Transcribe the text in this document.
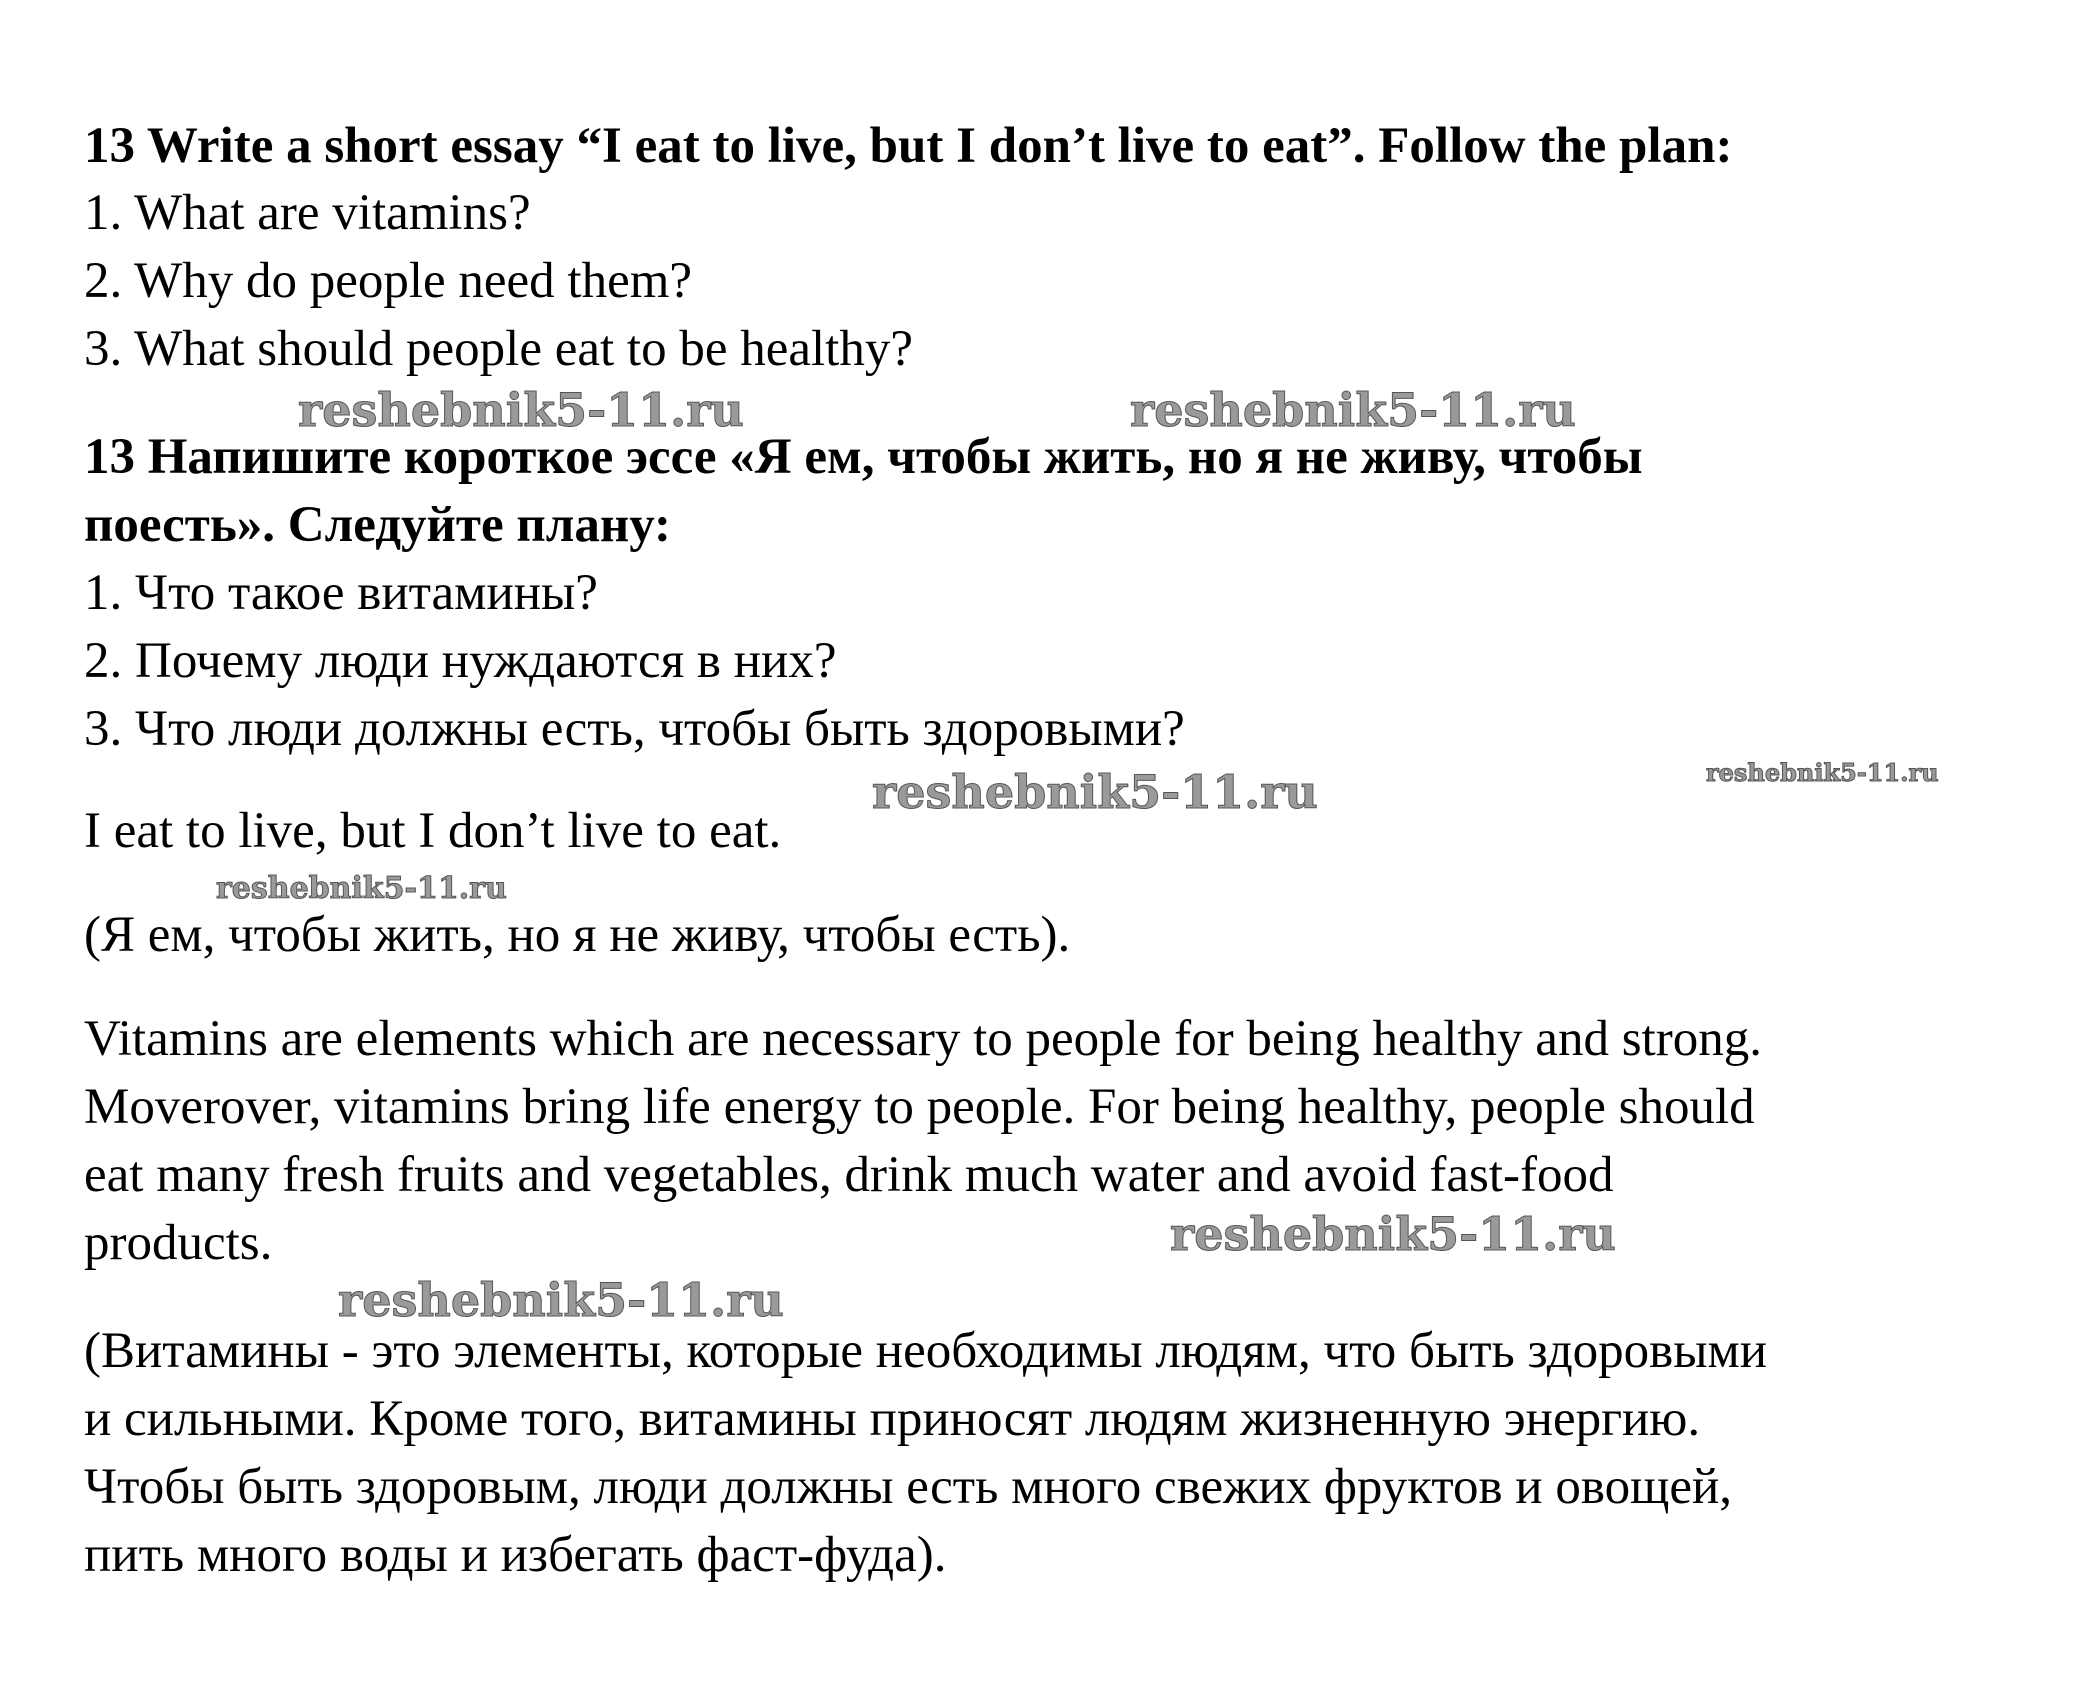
13 Write a short essay “I eat to live, but I don’t live to eat”. Follow the plan:

1. What are vitamins?

2. Why do people need them?

3. What should people eat to be healthy?

13 Напишите короткое эссе «Я ем, чтобы жить, но я не живу, чтобы

поесть». Следуйте плану:

1. Что такое витамины?

2. Почему люди нуждаются в них?

3. Что люди должны есть, чтобы быть здоровыми?

I eat to live, but I don’t live to eat.

(Я ем, чтобы жить, но я не живу, чтобы есть).

Vitamins are elements which are necessary to people for being healthy and strong.

Moverover, vitamins bring life energy to people. For being healthy, people should

eat many fresh fruits and vegetables, drink much water and avoid fast-food

products.

(Витамины - это элементы, которые необходимы людям, что быть здоровыми

и сильными. Кроме того, витамины приносят людям жизненную энергию.

Чтобы быть здоровым, люди должны есть много свежих фруктов и овощей,

пить много воды и избегать фаст-фуда).

reshebnik5-11.ru	reshebnik5-11.ru
reshebnik5-11.ru	reshebnik5-11.ru
reshebnik5-11.ru
reshebnik5-11.ru
reshebnik5-11.ru
